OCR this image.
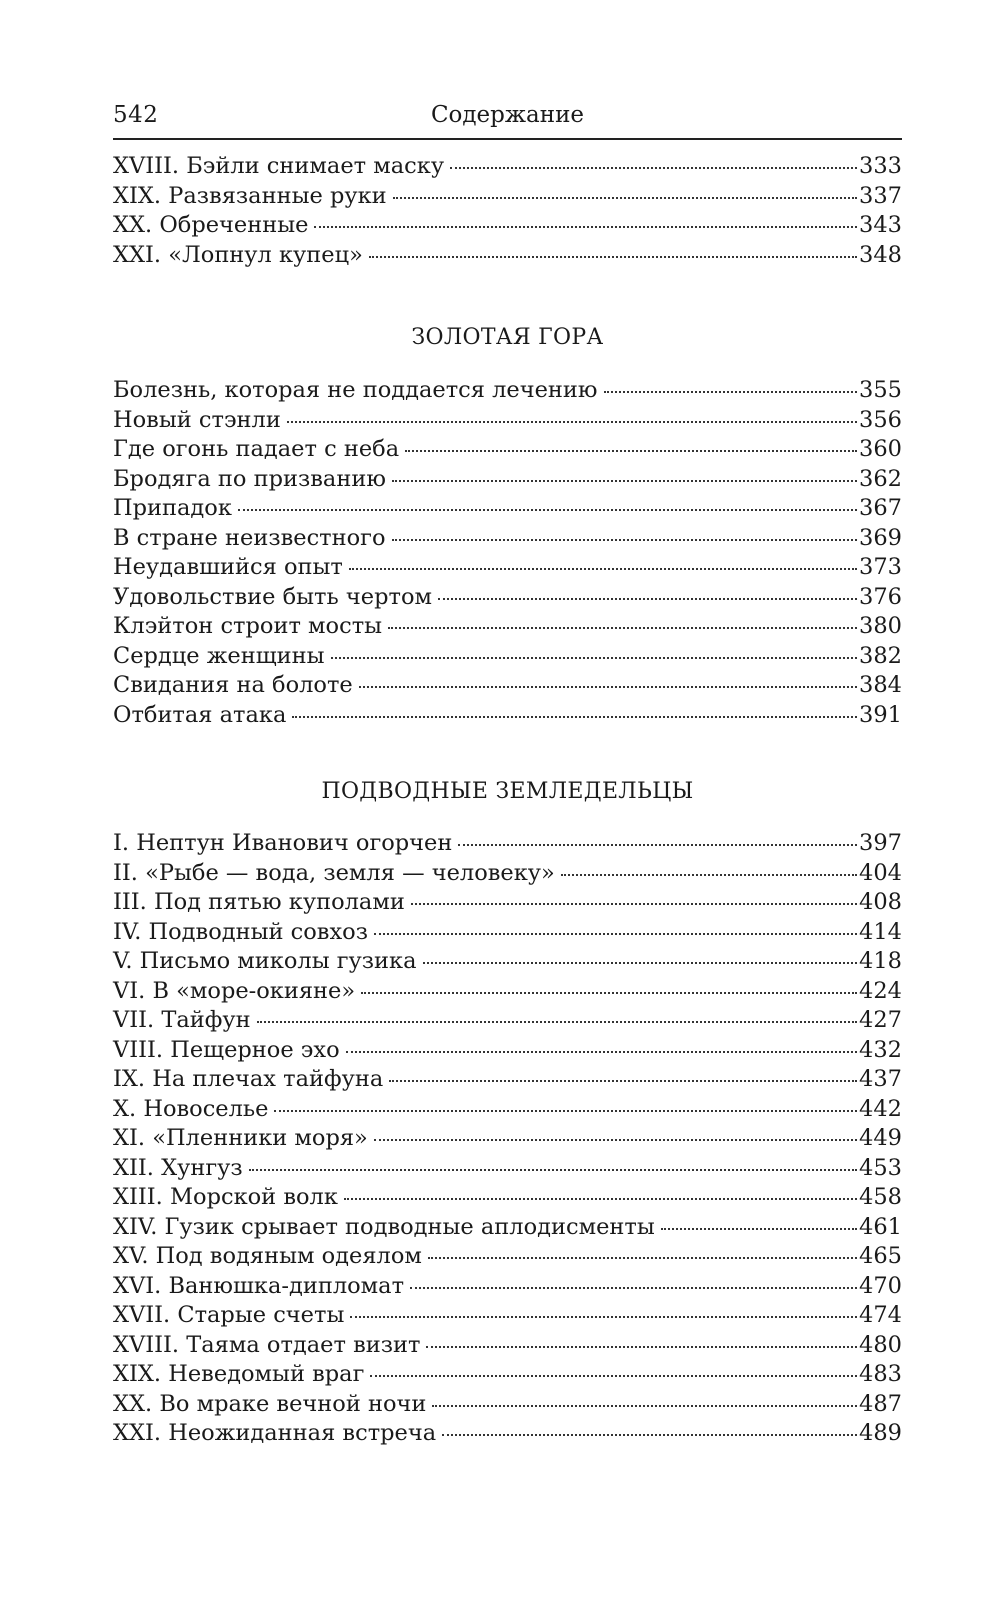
542	Содержание
XVIII. Бэйли снимает маску	333
XIX. Развязанные руки	337
XX. Обреченные	343
XXI. «Лопнул купец»	348
ЗОЛОТАЯ ГОРА
Болезнь, которая не поддается лечению	355
Новый стэнли	356
Где огонь падает с неба	360
Бродяга по призванию	362
Припадок	367
В стране неизвестного	369
Неудавшийся опыт	373
Удовольствие быть чертом	376
Клэйтон строит мосты	380
Сердце женщины	382
Свидания на болоте	384
Отбитая атака	391
ПОДВОДНЫЕ ЗЕМЛЕДЕЛЬЦЫ
I. Нептун Иванович огорчен	397
II. «Рыбе — вода, земля — человеку»	404
III. Под пятью куполами	408
IV. Подводный совхоз	414
V. Письмо миколы гузика	418
VI. В «море-окияне»	424
VII. Тайфун	427
VIII. Пещерное эхо	432
IX. На плечах тайфуна	437
X. Новоселье	442
XI. «Пленники моря»	449
XII. Хунгуз	453
XIII. Морской волк	458
XIV. Гузик срывает подводные аплодисменты	461
XV. Под водяным одеялом	465
XVI. Ванюшка-дипломат	470
XVII. Старые счеты	474
XVIII. Таяма отдает визит	480
XIX. Неведомый враг	483
XX. Во мраке вечной ночи	487
XXI. Неожиданная встреча	489
